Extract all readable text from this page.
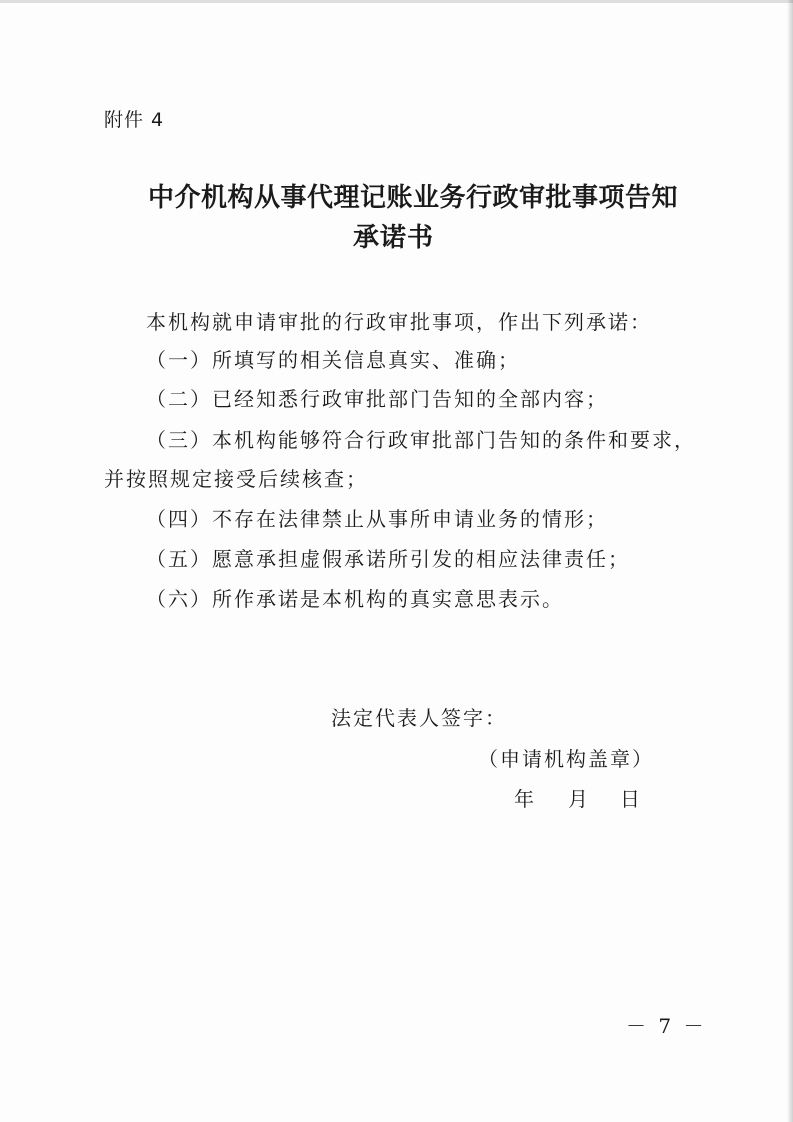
附件 4
中介机构从事代理记账业务行政审批事项告知
承诺书
本机构就申请审批的行政审批事项，作出下列承诺：
（一）所填写的相关信息真实、准确；
（二）已经知悉行政审批部门告知的全部内容；
（三）本机构能够符合行政审批部门告知的条件和要求，
并按照规定接受后续核查；
（四）不存在法律禁止从事所申请业务的情形；
（五）愿意承担虚假承诺所引发的相应法律责任；
（六）所作承诺是本机构的真实意思表示。
法定代表人签字：
（申请机构盖章）
年 月 日
－ 7 －
